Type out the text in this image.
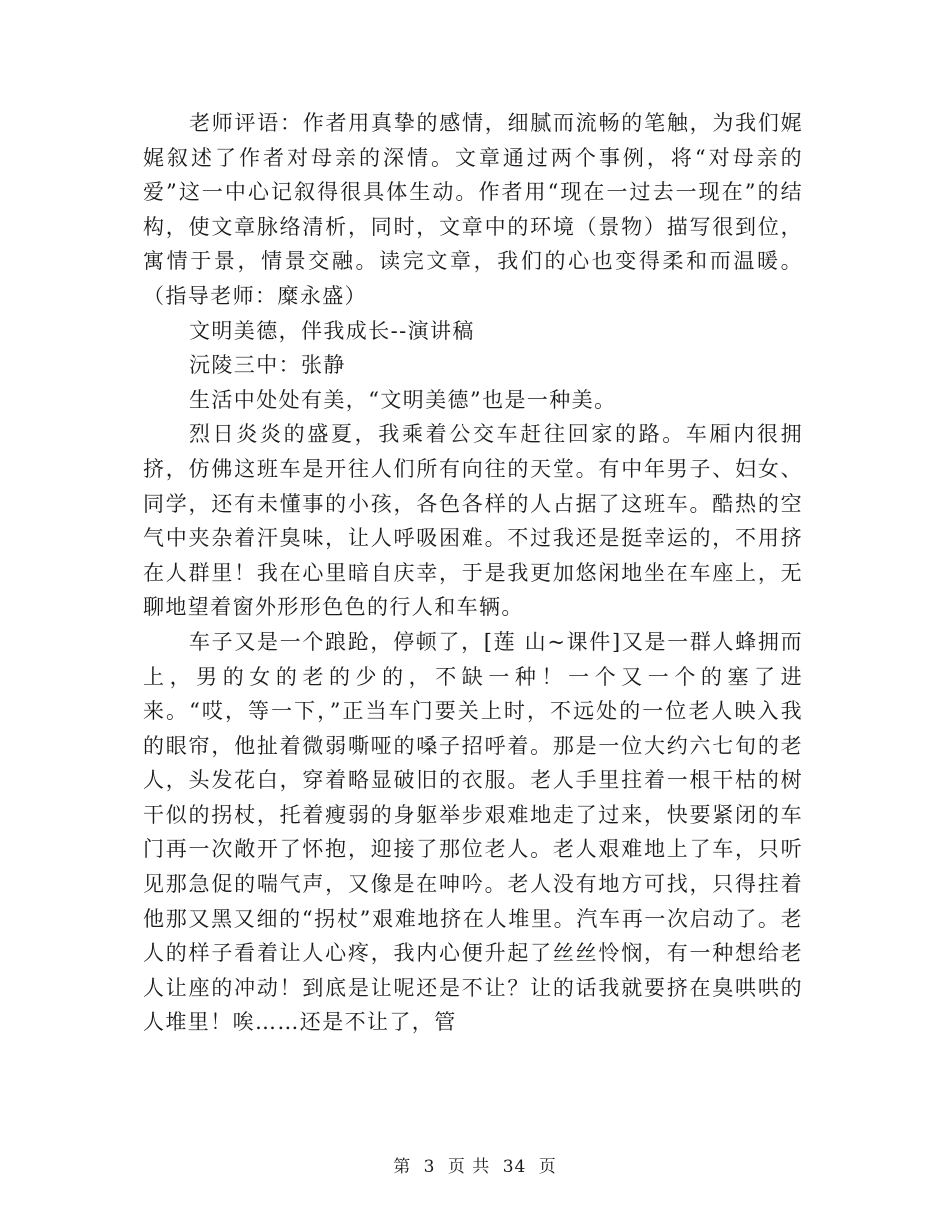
老师评语：作者用真挚的感情，细腻而流畅的笔触，为我们娓娓叙述了作者对母亲的深情。文章通过两个事例，将“对母亲的爱”这一中心记叙得很具体生动。作者用“现在一过去一现在”的结构，使文章脉络清析，同时，文章中的环境（景物）描写很到位，寓情于景，情景交融。读完文章，我们的心也变得柔和而温暖。（指导老师：糜永盛）

文明美德，伴我成长--演讲稿

沅陵三中：张静

生活中处处有美，“文明美德”也是一种美。

烈日炎炎的盛夏，我乘着公交车赶往回家的路。车厢内很拥挤，仿佛这班车是开往人们所有向往的天堂。有中年男子、妇女、同学，还有未懂事的小孩，各色各样的人占据了这班车。酷热的空气中夹杂着汗臭味，让人呼吸困难。不过我还是挺幸运的，不用挤在人群里！我在心里暗自庆幸，于是我更加悠闲地坐在车座上，无聊地望着窗外形形色色的行人和车辆。

车子又是一个踉跄，停顿了，[莲 山~课件]又是一群人蜂拥而上，男的女的老的少的，不缺一种！一个又一个的塞了进来。“哎，等一下，”正当车门要关上时，不远处的一位老人映入我的眼帘，他扯着微弱嘶哑的嗓子招呼着。那是一位大约六七旬的老人，头发花白，穿着略显破旧的衣服。老人手里拄着一根干枯的树干似的拐杖，托着瘦弱的身躯举步艰难地走了过来，快要紧闭的车门再一次敞开了怀抱，迎接了那位老人。老人艰难地上了车，只听见那急促的喘气声，又像是在呻吟。老人没有地方可找，只得拄着他那又黑又细的“拐杖”艰难地挤在人堆里。汽车再一次启动了。老人的样子看着让人心疼，我内心便升起了丝丝怜悯，有一种想给老人让座的冲动！到底是让呢还是不让？让的话我就要挤在臭哄哄的人堆里！唉……还是不让了，管

第 3 页 共 34 页
